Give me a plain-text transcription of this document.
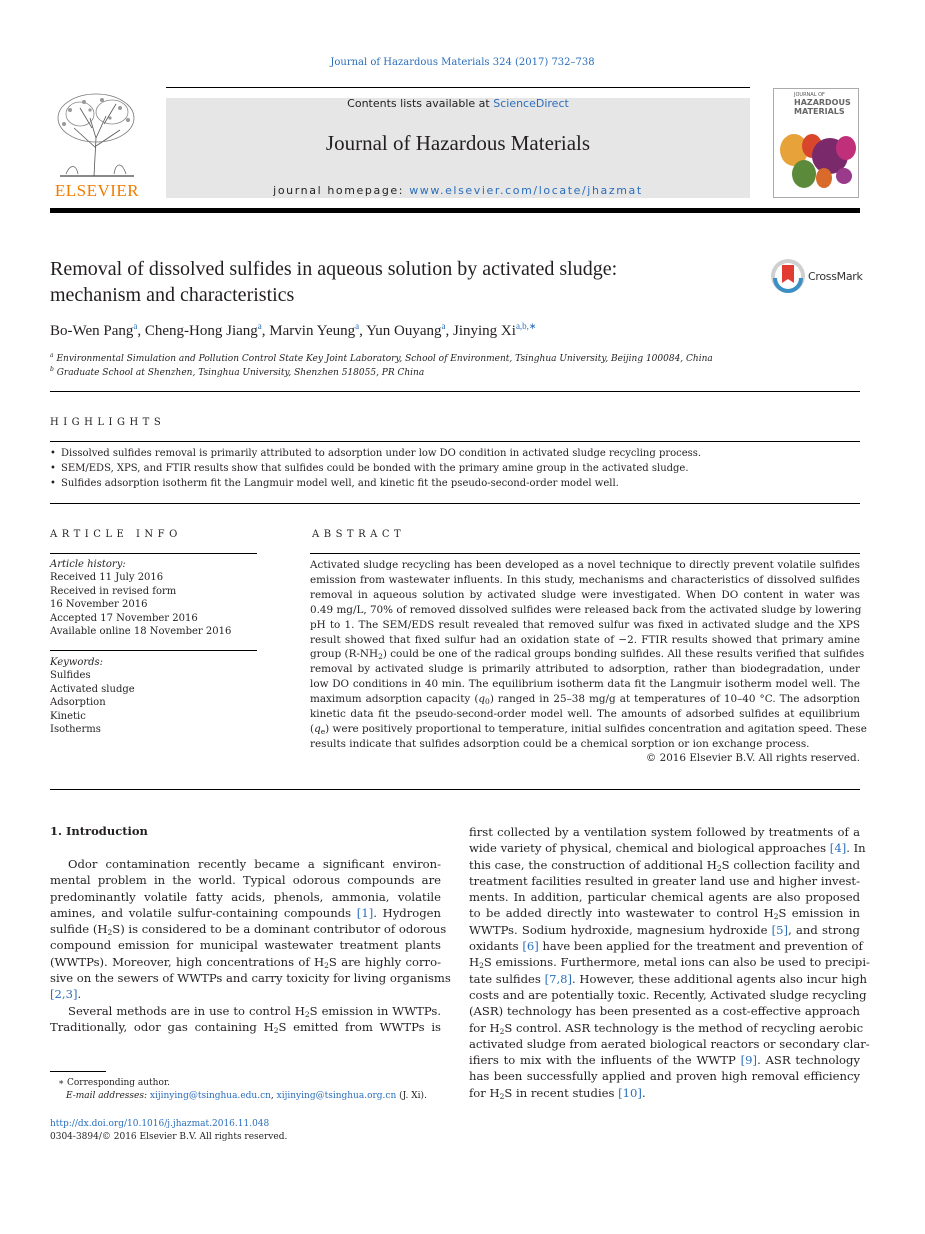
Journal of Hazardous Materials 324 (2017) 732–738
ELSEVIER
Contents lists available at ScienceDirect
Journal of Hazardous Materials
journal homepage: www.elsevier.com/locate/jhazmat
JOURNAL OF
HAZARDOUS MATERIALS
Removal of dissolved sulfides in aqueous solution by activated sludge:
mechanism and characteristics
CrossMark
Bo-Wen Pang$^a$, Cheng-Hong Jiang$^a$, Marvin Yeung$^a$, Yun Ouyang$^a$, Jinying $Xi^{a,b,∗}$
$^a$ Environmental Simulation and Pollution Control State Key Joint Laboratory, School of Environment, Tsinghua University, Beijing 100084, China
$^b$ Graduate School at Shenzhen, Tsinghua University, Shenzhen 518055, PR China
HIGHLIGHTS
• Dissolved sulfides removal is primarily attributed to adsorption under low DO condition in activated sludge recycling process.
• SEM/EDS, XPS, and FTIR results show that sulfides could be bonded with the primary amine group in the activated sludge.
• Sulfides adsorption isotherm fit the Langmuir model well, and kinetic fit the pseudo-second-order model well.
ARTICLE INFO
Article history:
Received 11 July 2016
Received in revised form
16 November 2016
Accepted 17 November 2016
Available online 18 November 2016
Keywords:
Sulfides
Activated sludge
Adsorption
Kinetic
Isotherms
ABSTRACT
Activated sludge recycling has been developed as a novel technique to directly prevent volatile sulfides
emission from wastewater influents. In this study, mechanisms and characteristics of dissolved sulfides
removal in aqueous solution by activated sludge were investigated. When DO content in water was
0.49 mg/L, 70% of removed dissolved sulfides were released back from the activated sludge by lowering
pH to 1. The SEM/EDS result revealed that removed sulfur was fixed in activated sludge and the XPS
result showed that fixed sulfur had an oxidation state of −2. FTIR results showed that primary amine
group $(R-NH_2)$ could be one of the radical groups bonding sulfides. All these results verified that sulfides
removal by activated sludge is primarily attributed to adsorption, rather than biodegradation, under
low DO conditions in 40 min. The equilibrium isotherm data fit the Langmuir isotherm model well. The
maximum adsorption capacity $(q_0)$ ranged in 25–38 mg/g at temperatures of 10–40 °C. The adsorption
kinetic data fit the pseudo-second-order model well. The amounts of adsorbed sulfides at equilibrium
$(q_e)$ were positively proportional to temperature, initial sulfides concentration and agitation speed. These
results indicate that sulfides adsorption could be a chemical sorption or ion exchange process.
© 2016 Elsevier B.V. All rights reserved.
1. Introduction
Odor contamination recently became a significant environ-
mental problem in the world. Typical odorous compounds are
predominantly volatile fatty acids, phenols, ammonia, volatile
amines, and volatile sulfur-containing compounds [1]. Hydrogen
sulfide $(H_2S)$ is considered to be a dominant contributor of odorous
compound emission for municipal wastewater treatment plants
(WWTPs). Moreover, high concentrations of $H_2S$ are highly corro-
sive on the sewers of WWTPs and carry toxicity for living organisms
[2,3].
Several methods are in use to control $H_2S$ emission in WWTPs.
Traditionally, odor gas containing $H_2S$ emitted from WWTPs is
first collected by a ventilation system followed by treatments of a
wide variety of physical, chemical and biological approaches [4]. In
this case, the construction of additional $H_2S$ collection facility and
treatment facilities resulted in greater land use and higher invest-
ments. In addition, particular chemical agents are also proposed
to be added directly into wastewater to control $H_2S$ emission in
WWTPs. Sodium hydroxide, magnesium hydroxide [5], and strong
oxidants [6] have been applied for the treatment and prevention of
$H_2S$ emissions. Furthermore, metal ions can also be used to precipi-
tate sulfides [7,8]. However, these additional agents also incur high
costs and are potentially toxic. Recently, Activated sludge recycling
(ASR) technology has been presented as a cost-effective approach
for $H_2S$ control. ASR technology is the method of recycling aerobic
activated sludge from aerated biological reactors or secondary clar-
ifiers to mix with the influents of the WWTP [9]. ASR technology
has been successfully applied and proven high removal efficiency
for $H_2S$ in recent studies [10].
∗ Corresponding author.
E-mail addresses: xijinying@tsinghua.edu.cn, xijinying@tsinghua.org.cn (J. Xi).
http://dx.doi.org/10.1016/j.jhazmat.2016.11.048
0304-3894/© 2016 Elsevier B.V. All rights reserved.
